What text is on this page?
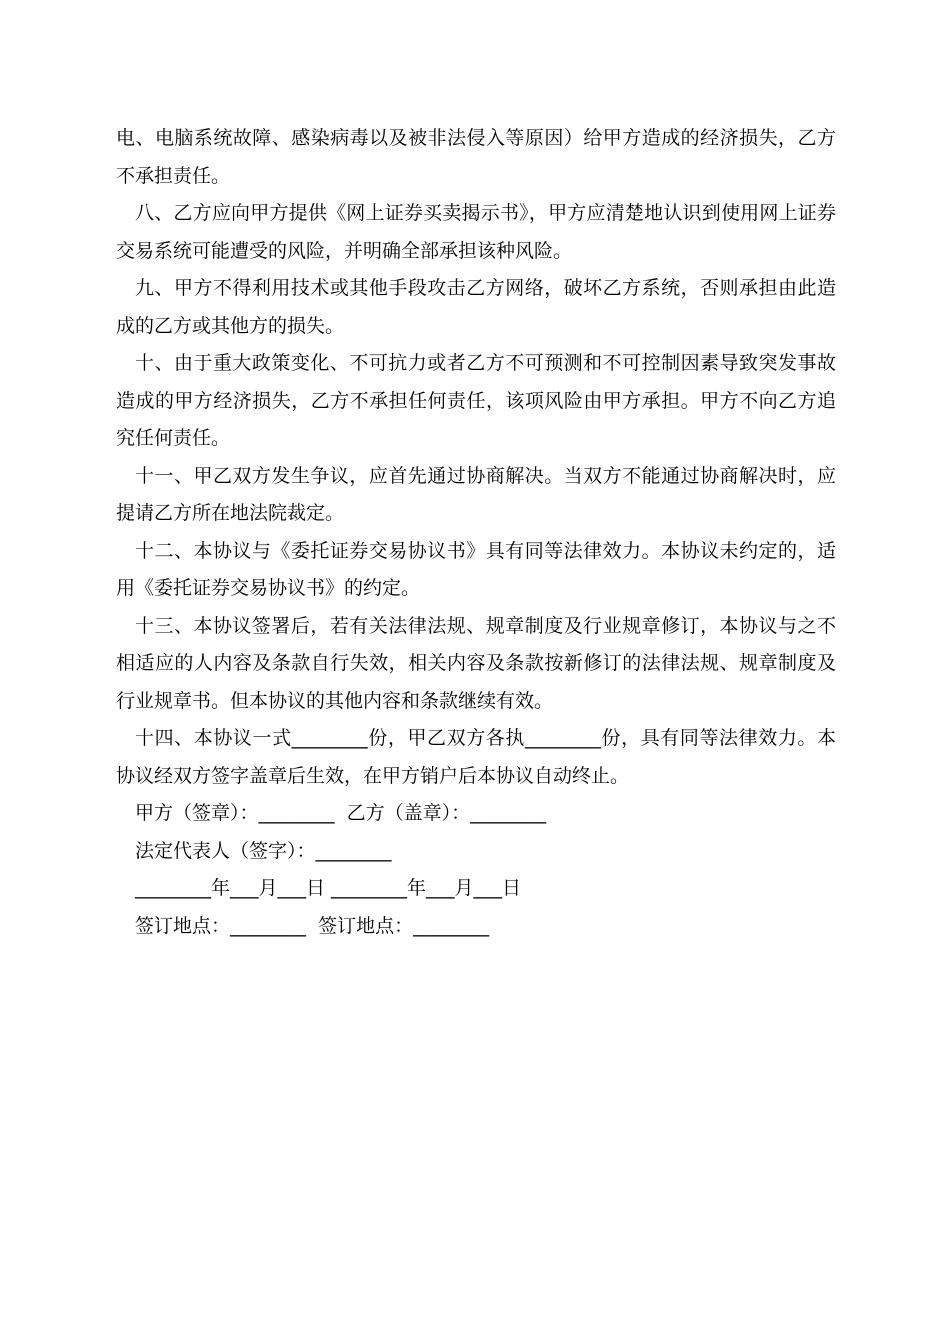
电、电脑系统故障、感染病毒以及被非法侵入等原因）给甲方造成的经济损失，乙方不承担责任。

八、乙方应向甲方提供《网上证券买卖揭示书》，甲方应清楚地认识到使用网上证券交易系统可能遭受的风险，并明确全部承担该种风险。

九、甲方不得利用技术或其他手段攻击乙方网络，破坏乙方系统，否则承担由此造成的乙方或其他方的损失。

十、由于重大政策变化、不可抗力或者乙方不可预测和不可控制因素导致突发事故造成的甲方经济损失，乙方不承担任何责任，该项风险由甲方承担。甲方不向乙方追究任何责任。

十一、甲乙双方发生争议，应首先通过协商解决。当双方不能通过协商解决时，应提请乙方所在地法院裁定。

十二、本协议与《委托证券交易协议书》具有同等法律效力。本协议未约定的，适用《委托证券交易协议书》的约定。

十三、本协议签署后，若有关法律法规、规章制度及行业规章修订，本协议与之不相适应的人内容及条款自行失效，相关内容及条款按新修订的法律法规、规章制度及行业规章书。但本协议的其他内容和条款继续有效。

十四、本协议一式________份，甲乙双方各执________份，具有同等法律效力。本协议经双方签字盖章后生效，在甲方销户后本协议自动终止。

甲方（签章）：________  乙方（盖章）：________

法定代表人（签字）：________

________年___月___日 ________年___月___日

签订地点：________  签订地点：________
